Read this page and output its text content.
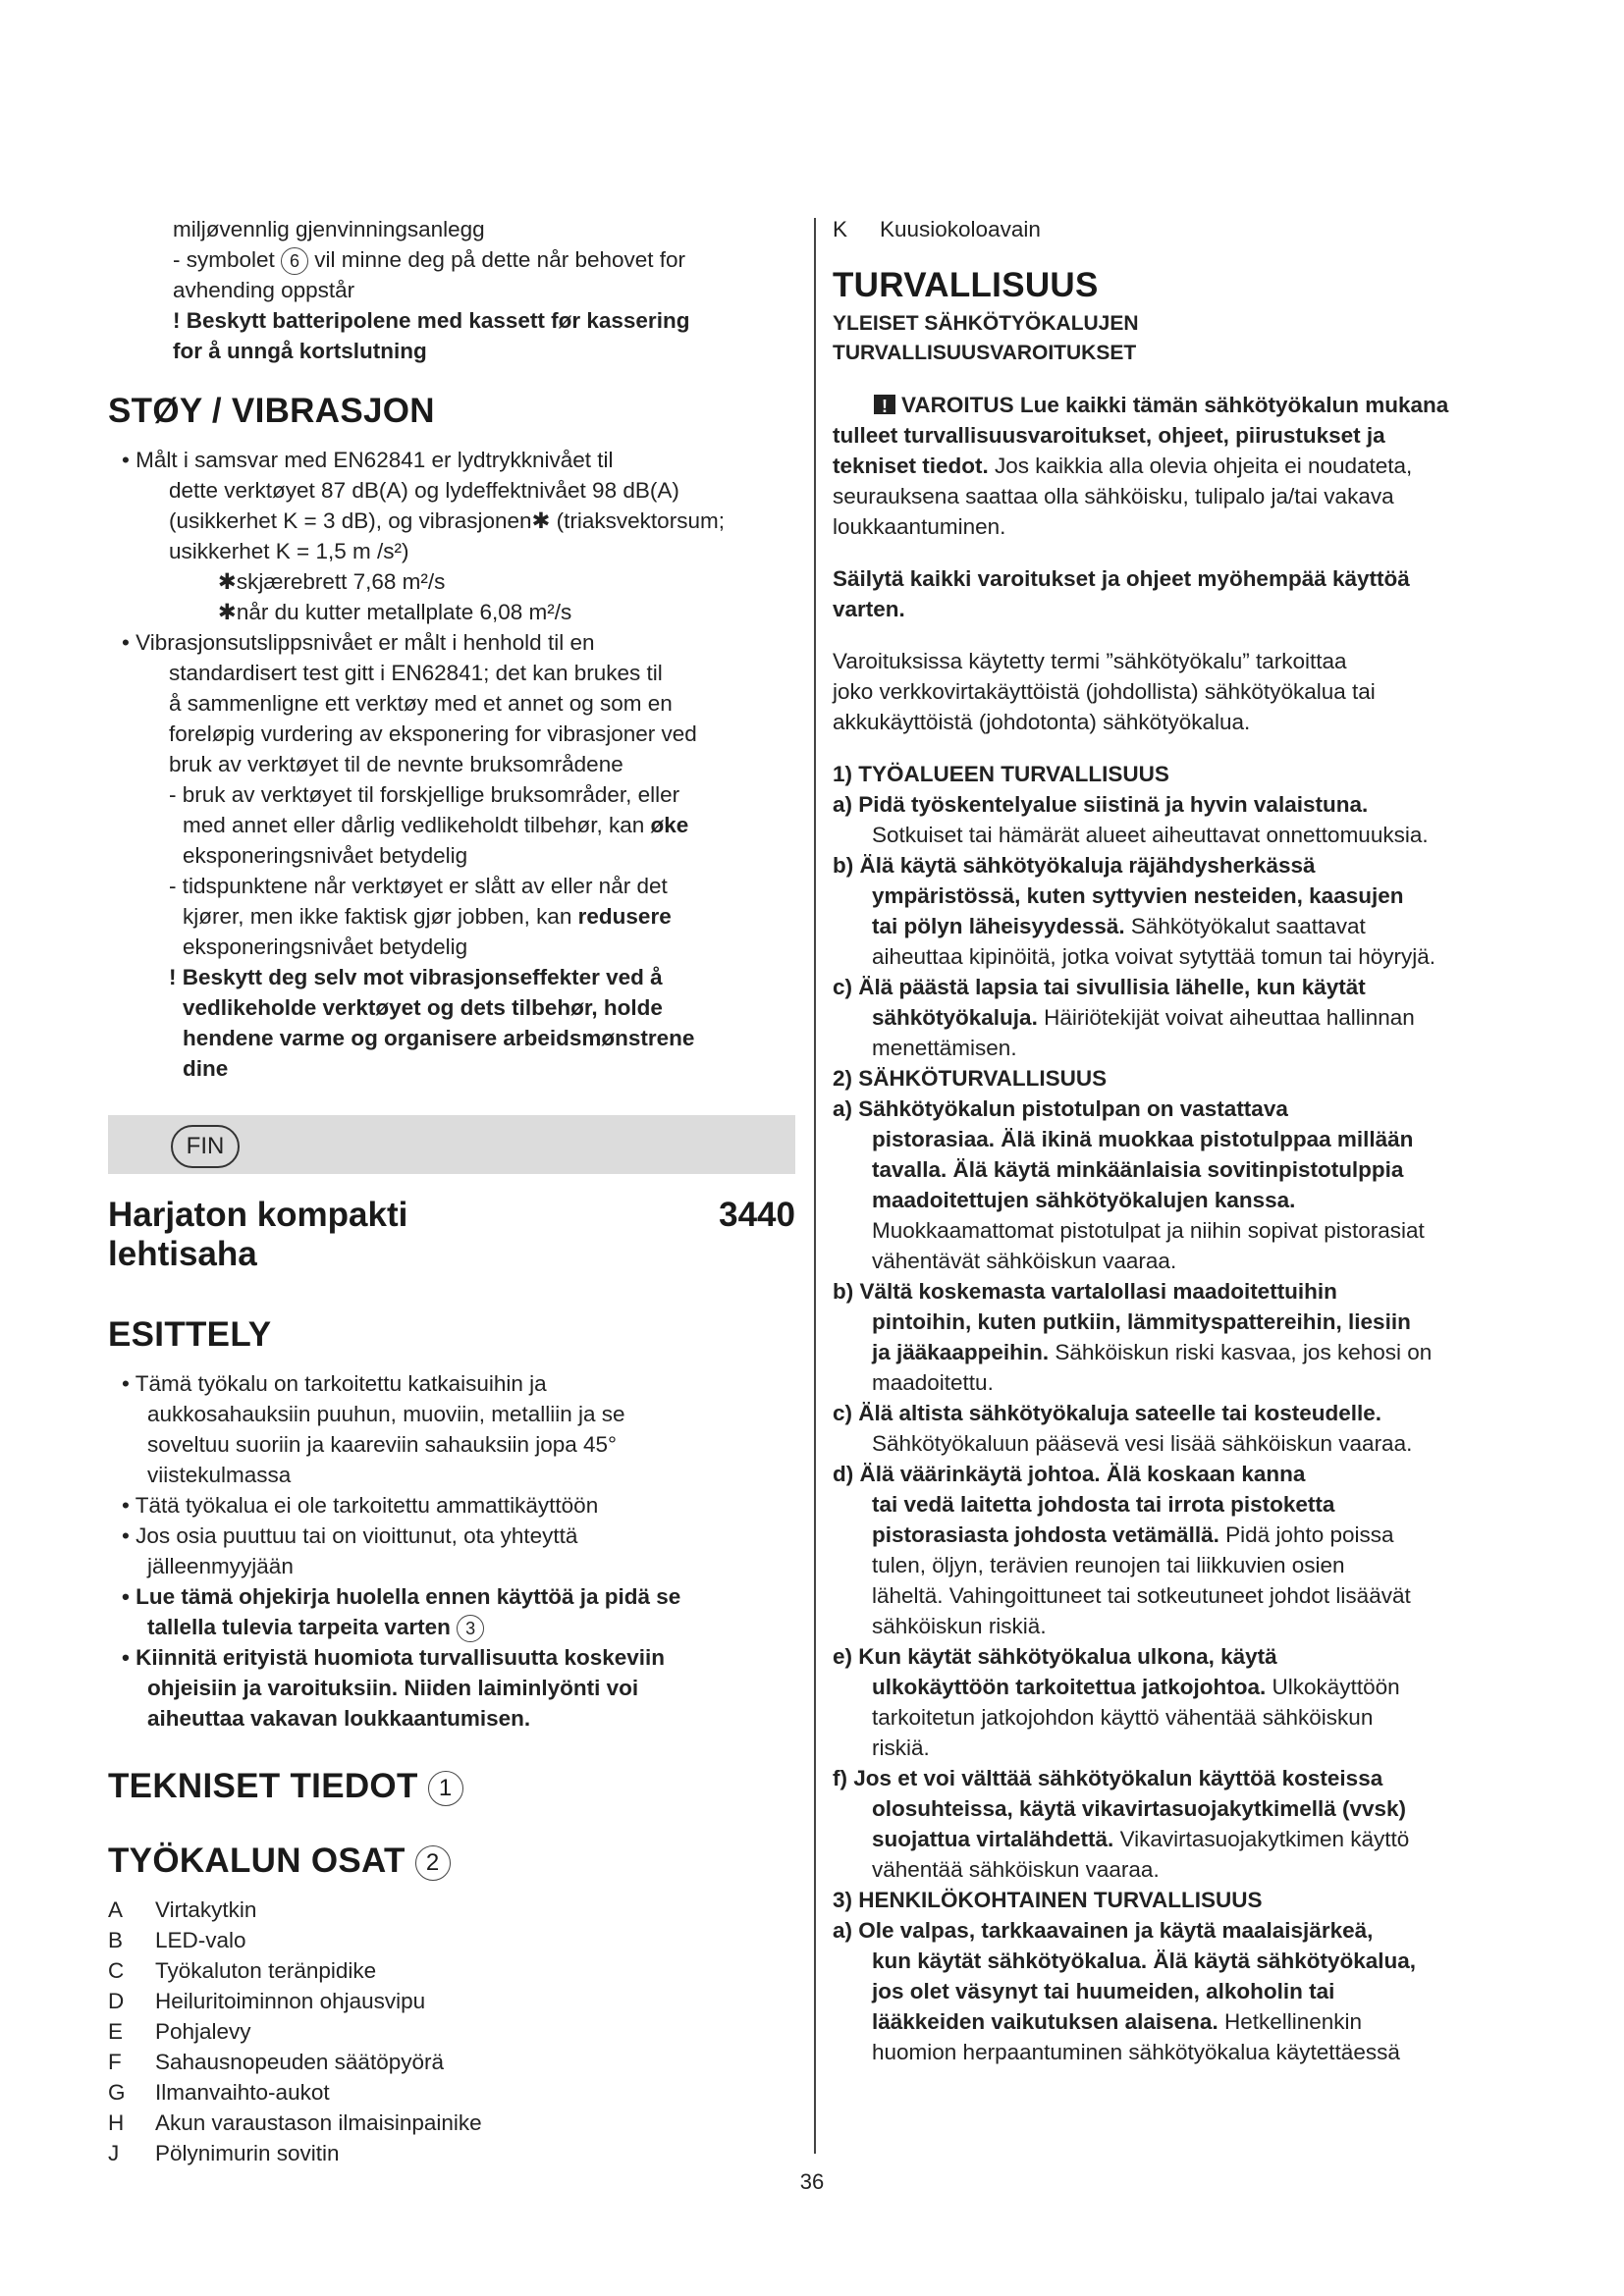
miljøvennlig gjenvinningsanlegg

- symbolet 6 vil minne deg på dette når behovet for

avhending oppstår

! Beskytt batteripolene med kassett før kassering

for å unngå kortslutning

STØY / VIBRASJON

• Målt i samsvar med EN62841 er lydtrykknivået til

dette verktøyet 87 dB(A) og lydeffektnivået 98 dB(A)

(usikkerhet K = 3 dB), og vibrasjonen✱ (triaksvektorsum;

usikkerhet K = 1,5 m /s²)

✱skjærebrett 7,68 m²/s

✱når du kutter metallplate 6,08 m²/s

• Vibrasjonsutslippsnivået er målt i henhold til en

standardisert test gitt i EN62841; det kan brukes til

å sammenligne ett verktøy med et annet og som en

foreløpig vurdering av eksponering for vibrasjoner ved

bruk av verktøyet til de nevnte bruksområdene

- bruk av verktøyet til forskjellige bruksområder, eller

med annet eller dårlig vedlikeholdt tilbehør, kan øke

eksponeringsnivået betydelig

- tidspunktene når verktøyet er slått av eller når det

kjører, men ikke faktisk gjør jobben, kan redusere

eksponeringsnivået betydelig

! Beskytt deg selv mot vibrasjonseffekter ved å

vedlikeholde verktøyet og dets tilbehør, holde

hendene varme og organisere arbeidsmønstrene

dine

FIN
Harjaton kompakti
lehtisaha
3440
ESITTELY

• Tämä työkalu on tarkoitettu katkaisuihin ja

aukkosahauksiin puuhun, muoviin, metalliin ja se

soveltuu suoriin ja kaareviin sahauksiin jopa 45°

viistekulmassa

• Tätä työkalua ei ole tarkoitettu ammattikäyttöön

• Jos osia puuttuu tai on vioittunut, ota yhteyttä

jälleenmyyjään

• Lue tämä ohjekirja huolella ennen käyttöä ja pidä se

tallella tulevia tarpeita varten 3

• Kiinnitä erityistä huomiota turvallisuutta koskeviin

ohjeisiin ja varoituksiin. Niiden laiminlyönti voi

aiheuttaa vakavan loukkaantumisen.

TEKNISET TIEDOT 1
TYÖKALUN OSAT 2
A	Virtakytkin
B	LED-valo
C	Työkaluton teränpidike
D	Heiluritoiminnon ohjausvipu
E	Pohjalevy
F	Sahausnopeuden säätöpyörä
G	Ilmanvaihto-aukot
H	Akun varaustason ilmaisinpainike
J	Pölynimurin sovitin
K	Kuusiokoloavain
TURVALLISUUS

YLEISET SÄHKÖTYÖKALUJEN

TURVALLISUUSVAROITUKSET

!VAROITUS Lue kaikki tämän sähkötyökalun mukana

tulleet turvallisuusvaroitukset, ohjeet, piirustukset ja

tekniset tiedot. Jos kaikkia alla olevia ohjeita ei noudateta,

seurauksena saattaa olla sähköisku, tulipalo ja/tai vakava

loukkaantuminen.

Säilytä kaikki varoitukset ja ohjeet myöhempää käyttöä

varten.

Varoituksissa käytetty termi ”sähkötyökalu” tarkoittaa

joko verkkovirtakäyttöistä (johdollista) sähkötyökalua tai

akkukäyttöistä (johdotonta) sähkötyökalua.

1) TYÖALUEEN TURVALLISUUS

a) Pidä työskentelyalue siistinä ja hyvin valaistuna.

Sotkuiset tai hämärät alueet aiheuttavat onnettomuuksia.

b) Älä käytä sähkötyökaluja räjähdysherkässä

ympäristössä, kuten syttyvien nesteiden, kaasujen

tai pölyn läheisyydessä. Sähkötyökalut saattavat

aiheuttaa kipinöitä, jotka voivat sytyttää tomun tai höyryjä.

c) Älä päästä lapsia tai sivullisia lähelle, kun käytät

sähkötyökaluja. Häiriötekijät voivat aiheuttaa hallinnan

menettämisen.

2) SÄHKÖTURVALLISUUS

a) Sähkötyökalun pistotulpan on vastattava

pistorasiaa. Älä ikinä muokkaa pistotulppaa millään

tavalla. Älä käytä minkäänlaisia sovitinpistotulppia

maadoitettujen sähkötyökalujen kanssa.

Muokkaamattomat pistotulpat ja niihin sopivat pistorasiat

vähentävät sähköiskun vaaraa.

b) Vältä koskemasta vartalollasi maadoitettuihin

pintoihin, kuten putkiin, lämmityspattereihin, liesiin

ja jääkaappeihin. Sähköiskun riski kasvaa, jos kehosi on

maadoitettu.

c) Älä altista sähkötyökaluja sateelle tai kosteudelle.

Sähkötyökaluun pääsevä vesi lisää sähköiskun vaaraa.

d) Älä väärinkäytä johtoa. Älä koskaan kanna

tai vedä laitetta johdosta tai irrota pistoketta

pistorasiasta johdosta vetämällä. Pidä johto poissa

tulen, öljyn, terävien reunojen tai liikkuvien osien

läheltä. Vahingoittuneet tai sotkeutuneet johdot lisäävät

sähköiskun riskiä.

e) Kun käytät sähkötyökalua ulkona, käytä

ulkokäyttöön tarkoitettua jatkojohtoa. Ulkokäyttöön

tarkoitetun jatkojohdon käyttö vähentää sähköiskun

riskiä.

f) Jos et voi välttää sähkötyökalun käyttöä kosteissa

olosuhteissa, käytä vikavirtasuojakytkimellä (vvsk)

suojattua virtalähdettä. Vikavirtasuojakytkimen käyttö

vähentää sähköiskun vaaraa.

3) HENKILÖKOHTAINEN TURVALLISUUS

a) Ole valpas, tarkkaavainen ja käytä maalaisjärkeä,

kun käytät sähkötyökalua. Älä käytä sähkötyökalua,

jos olet väsynyt tai huumeiden, alkoholin tai

lääkkeiden vaikutuksen alaisena. Hetkellinenkin

huomion herpaantuminen sähkötyökalua käytettäessä

36
